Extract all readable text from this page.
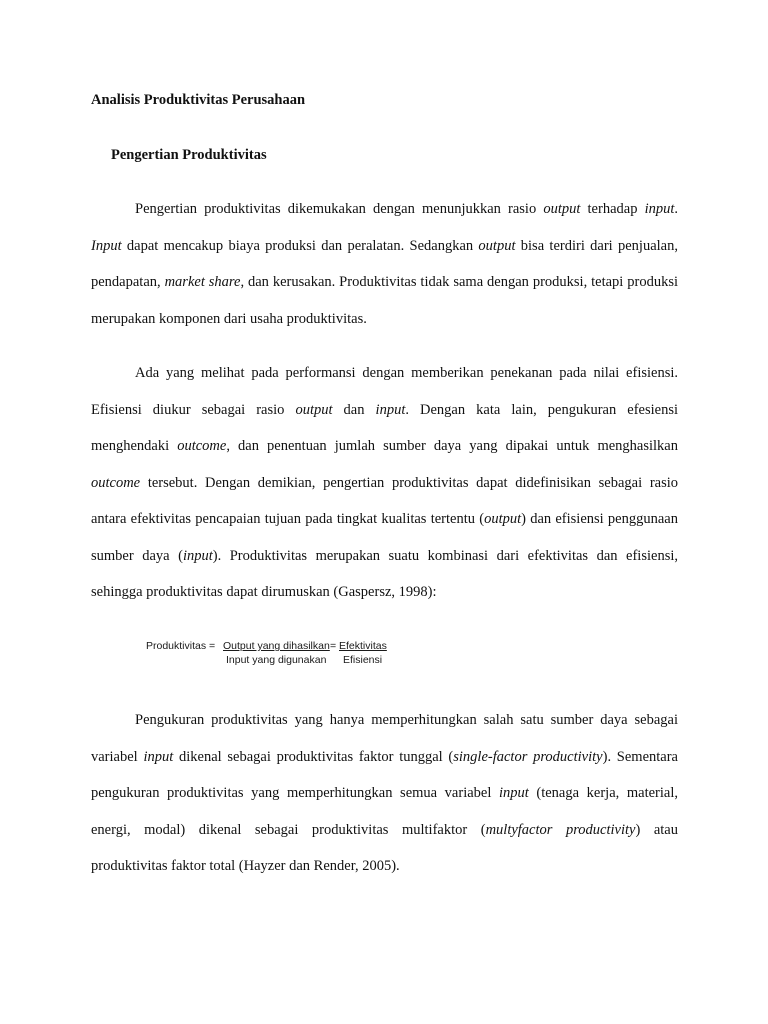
Analisis Produktivitas Perusahaan
Pengertian Produktivitas

Pengertian produktivitas dikemukakan dengan menunjukkan rasio output terhadap input. Input dapat mencakup biaya produksi dan peralatan. Sedangkan output bisa terdiri dari penjualan, pendapatan, market share, dan kerusakan. Produktivitas tidak sama dengan produksi, tetapi produksi merupakan komponen dari usaha produktivitas.

Ada yang melihat pada performansi dengan memberikan penekanan pada nilai efisiensi. Efisiensi diukur sebagai rasio output dan input. Dengan kata lain, pengukuran efesiensi menghendaki outcome, dan penentuan jumlah sumber daya yang dipakai untuk menghasilkan outcome tersebut. Dengan demikian, pengertian produktivitas dapat didefinisikan sebagai rasio antara efektivitas pencapaian tujuan pada tingkat kualitas tertentu (output) dan efisiensi penggunaan sumber daya (input). Produktivitas merupakan suatu kombinasi dari efektivitas dan efisiensi, sehingga produktivitas dapat dirumuskan (Gaspersz, 1998):

Produktivitas = Output yang dihasilkan = Efektivitas
Input yang digunakan Efisiensi

Pengukuran produktivitas yang hanya memperhitungkan salah satu sumber daya sebagai variabel input dikenal sebagai produktivitas faktor tunggal (single-factor productivity). Sementara pengukuran produktivitas yang memperhitungkan semua variabel input (tenaga kerja, material, energi, modal) dikenal sebagai produktivitas multifaktor (multyfactor productivity) atau produktivitas faktor total (Hayzer dan Render, 2005).
